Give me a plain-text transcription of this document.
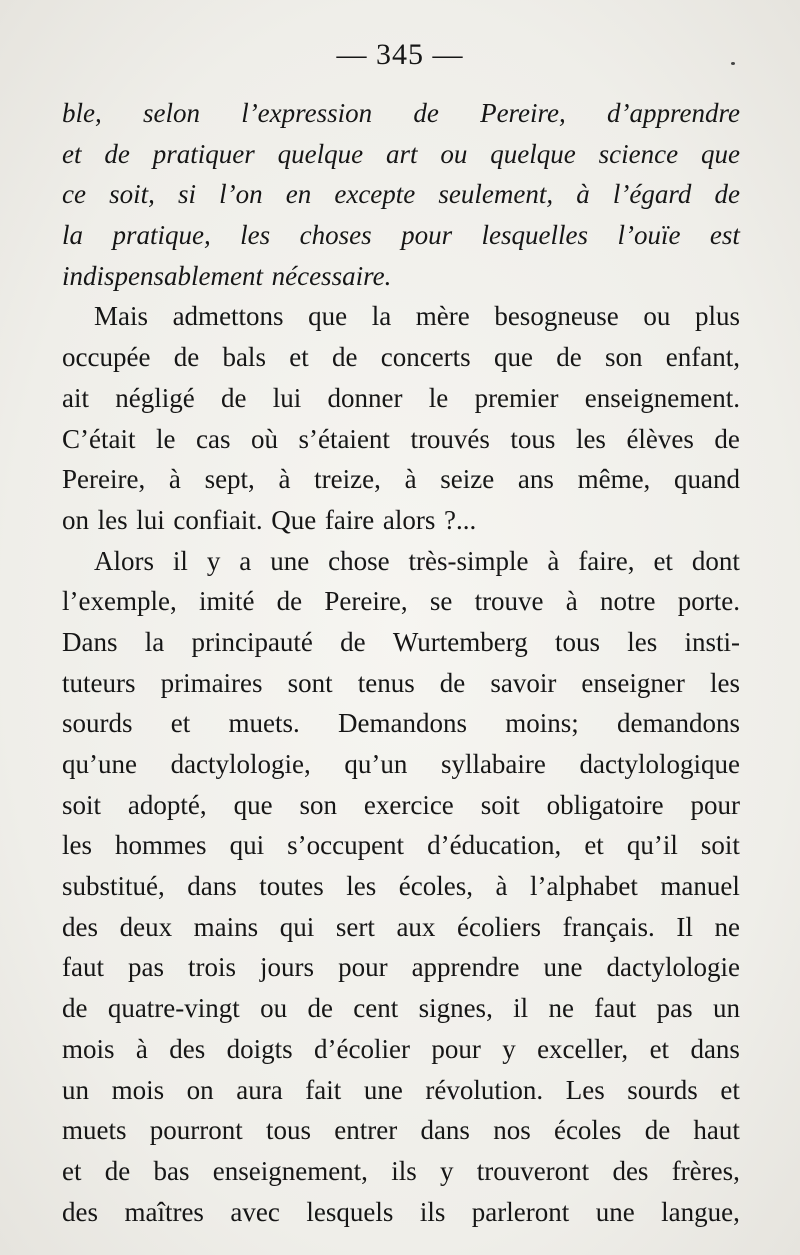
— 345 —
ble, selon l’expression de Pereire, d’apprendre
et de pratiquer quelque art ou quelque science que
ce soit, si l’on en excepte seulement, à l’égard de
la pratique, les choses pour lesquelles l’ouïe est
indispensablement nécessaire.
Mais admettons que la mère besogneuse ou plus
occupée de bals et de concerts que de son enfant,
ait négligé de lui donner le premier enseignement.
C’était le cas où s’étaient trouvés tous les élèves de
Pereire, à sept, à treize, à seize ans même, quand
on les lui confiait. Que faire alors ?...
Alors il y a une chose très-simple à faire, et dont
l’exemple, imité de Pereire, se trouve à notre porte.
Dans la principauté de Wurtemberg tous les insti-
tuteurs primaires sont tenus de savoir enseigner les
sourds et muets. Demandons moins; demandons
qu’une dactylologie, qu’un syllabaire dactylologique
soit adopté, que son exercice soit obligatoire pour
les hommes qui s’occupent d’éducation, et qu’il soit
substitué, dans toutes les écoles, à l’alphabet manuel
des deux mains qui sert aux écoliers français. Il ne
faut pas trois jours pour apprendre une dactylologie
de quatre-vingt ou de cent signes, il ne faut pas un
mois à des doigts d’écolier pour y exceller, et dans
un mois on aura fait une révolution. Les sourds et
muets pourront tous entrer dans nos écoles de haut
et de bas enseignement, ils y trouveront des frères,
des maîtres avec lesquels ils parleront une langue,
